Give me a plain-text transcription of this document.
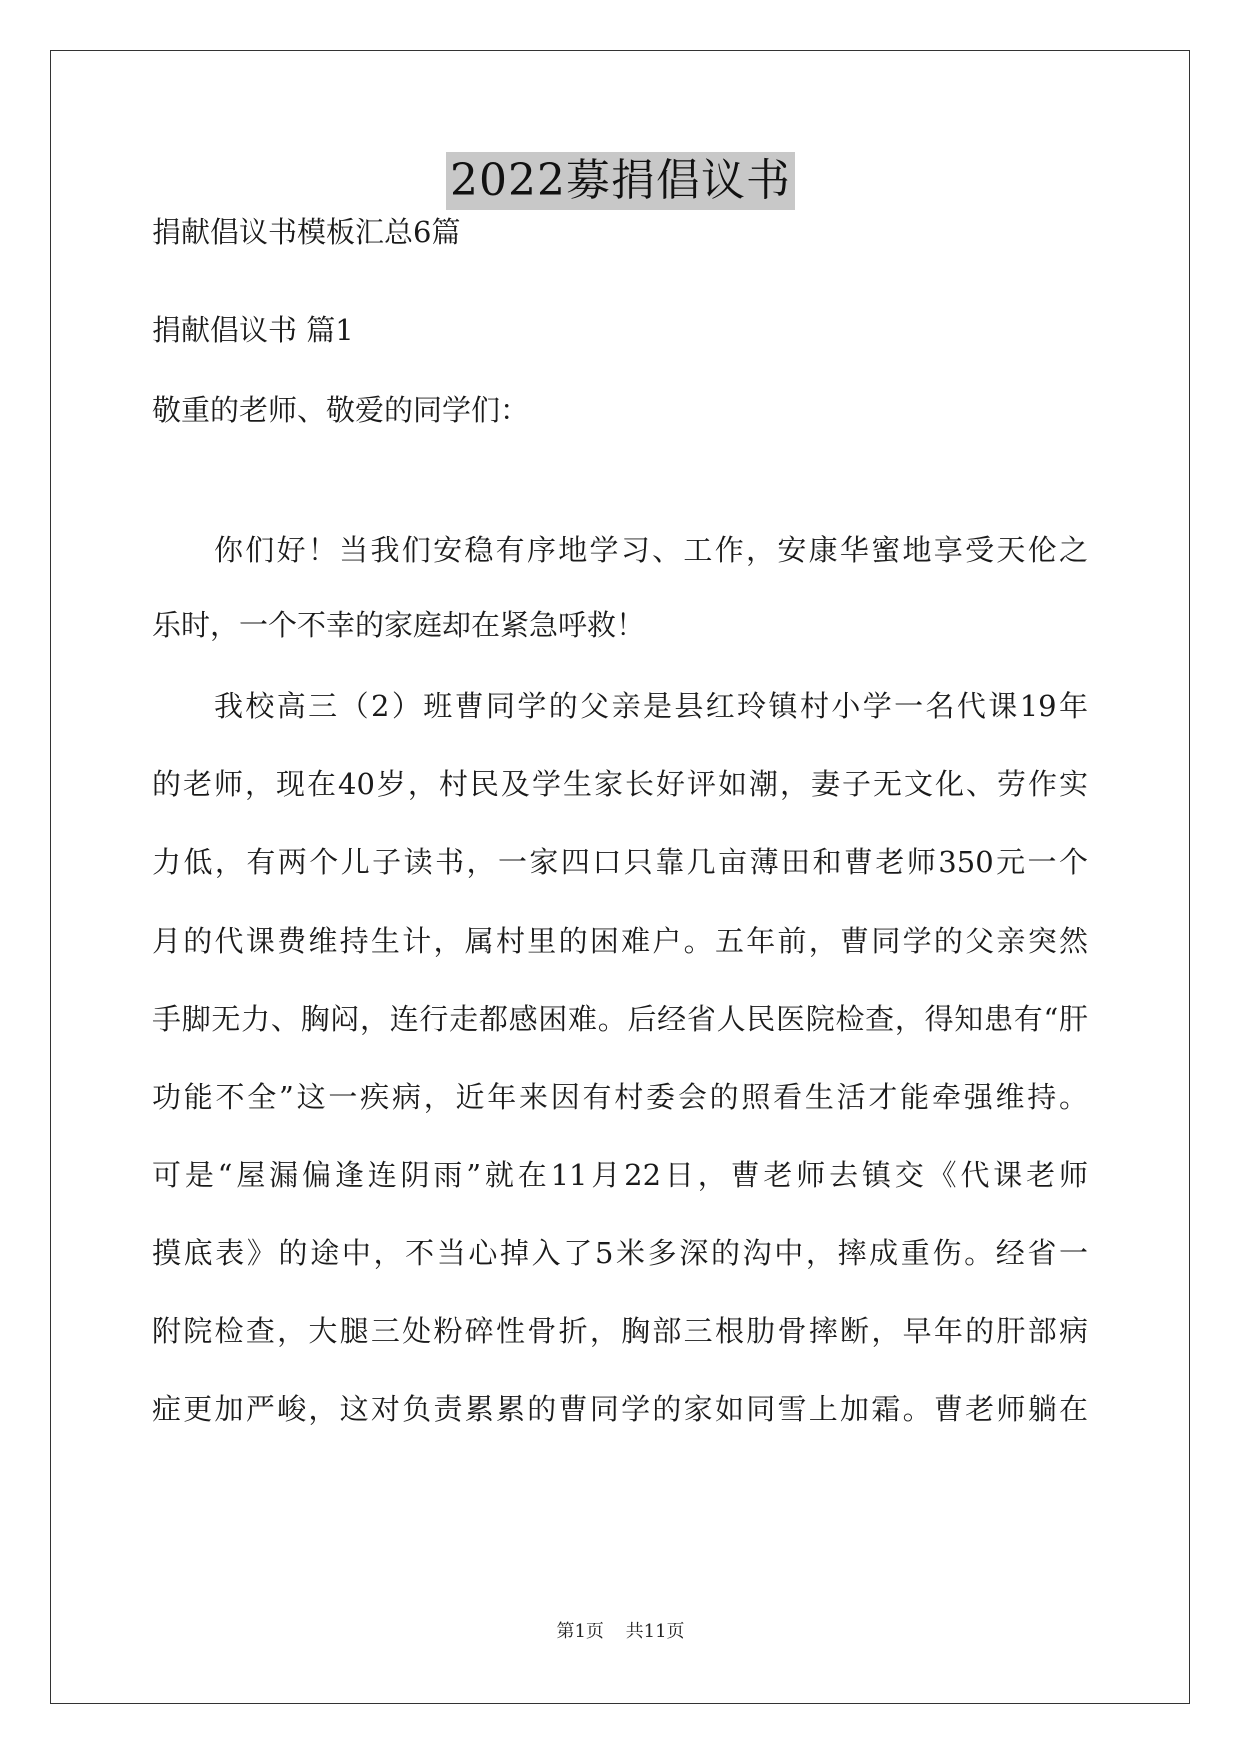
2022募捐倡议书
捐献倡议书模板汇总6篇
捐献倡议书 篇1
敬重的老师、敬爱的同学们：
你们好！当我们安稳有序地学习、工作，安康华蜜地享受天伦之
乐时，一个不幸的家庭却在紧急呼救！
我校高三（2）班曹同学的父亲是县红玲镇村小学一名代课19年
的老师，现在40岁，村民及学生家长好评如潮，妻子无文化、劳作实
力低，有两个儿子读书，一家四口只靠几亩薄田和曹老师350元一个
月的代课费维持生计，属村里的困难户。五年前，曹同学的父亲突然
手脚无力、胸闷，连行走都感困难。后经省人民医院检查，得知患有“肝
功能不全”这一疾病，近年来因有村委会的照看生活才能牵强维持。
可是“屋漏偏逢连阴雨”就在11月22日，曹老师去镇交《代课老师
摸底表》的途中，不当心掉入了5米多深的沟中，摔成重伤。经省一
附院检查，大腿三处粉碎性骨折，胸部三根肋骨摔断，早年的肝部病
症更加严峻，这对负责累累的曹同学的家如同雪上加霜。曹老师躺在
第1页 共11页
